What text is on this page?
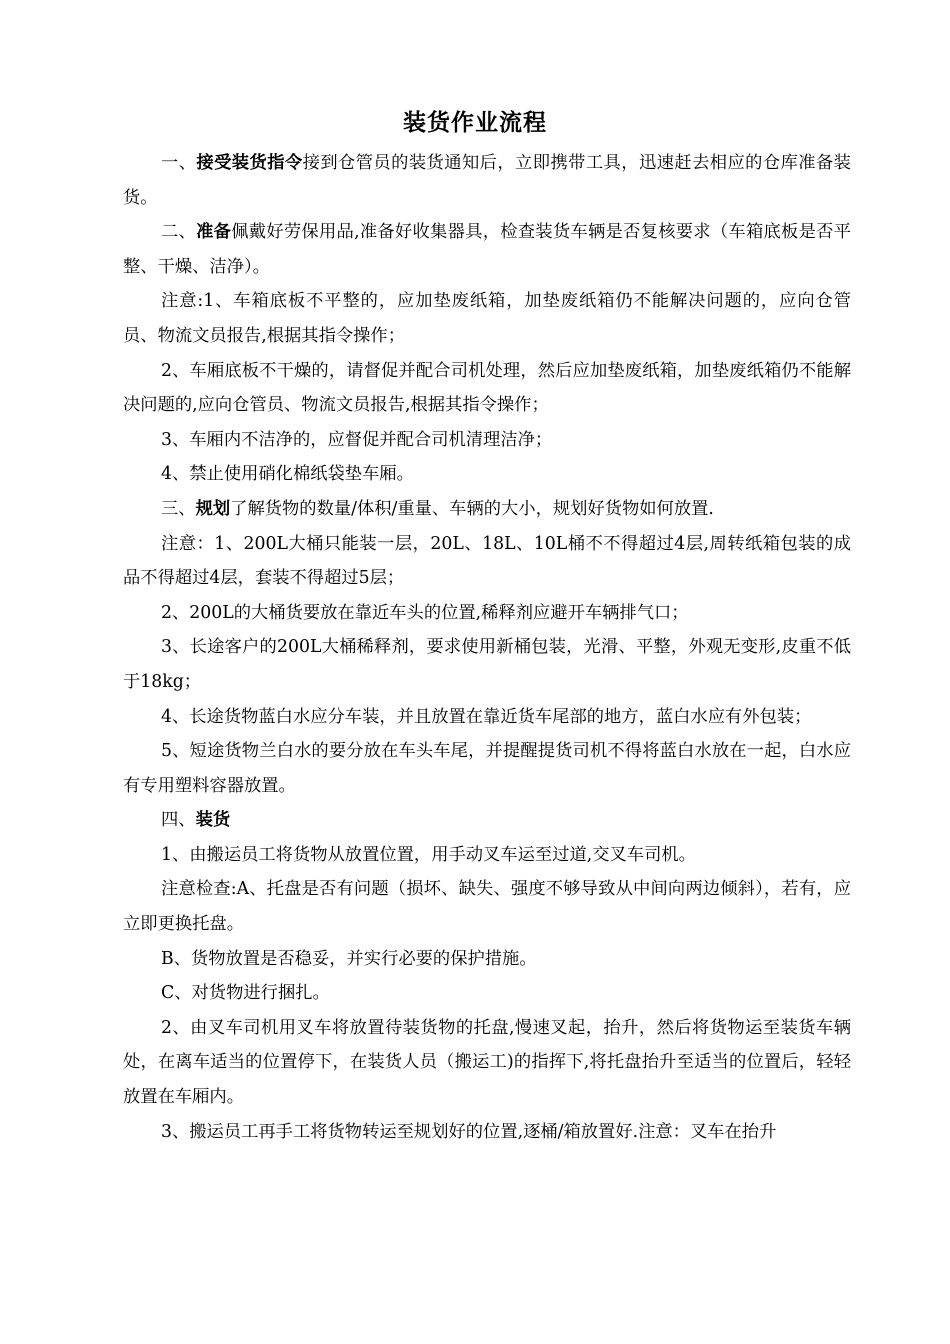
装货作业流程

一、接受装货指令接到仓管员的装货通知后，立即携带工具，迅速赶去相应的仓库准备装货。

二、准备佩戴好劳保用品,准备好收集器具，检查装货车辆是否复核要求（车箱底板是否平整、干燥、洁净）。

注意:1、车箱底板不平整的，应加垫废纸箱，加垫废纸箱仍不能解决问题的，应向仓管员、物流文员报告,根据其指令操作；

2、车厢底板不干燥的，请督促并配合司机处理，然后应加垫废纸箱，加垫废纸箱仍不能解决问题的,应向仓管员、物流文员报告,根据其指令操作；

3、车厢内不洁净的，应督促并配合司机清理洁净；

4、禁止使用硝化棉纸袋垫车厢。

三、规划了解货物的数量/体积/重量、车辆的大小，规划好货物如何放置.

注意：1、200L大桶只能装一层，20L、18L、10L桶不不得超过4层,周转纸箱包装的成品不得超过4层，套装不得超过5层；

2、200L的大桶货要放在靠近车头的位置,稀释剂应避开车辆排气口；

3、长途客户的200L大桶稀释剂，要求使用新桶包装，光滑、平整，外观无变形,皮重不低于18kg；

4、长途货物蓝白水应分车装，并且放置在靠近货车尾部的地方，蓝白水应有外包装；

5、短途货物兰白水的要分放在车头车尾，并提醒提货司机不得将蓝白水放在一起，白水应有专用塑料容器放置。

四、装货

1、由搬运员工将货物从放置位置，用手动叉车运至过道,交叉车司机。

注意检查:A、托盘是否有问题（损坏、缺失、强度不够导致从中间向两边倾斜），若有，应立即更换托盘。

B、货物放置是否稳妥，并实行必要的保护措施。

C、对货物进行捆扎。

2、由叉车司机用叉车将放置待装货物的托盘,慢速叉起，抬升，然后将货物运至装货车辆处，在离车适当的位置停下，在装货人员（搬运工)的指挥下,将托盘抬升至适当的位置后，轻轻放置在车厢内。

3、搬运员工再手工将货物转运至规划好的位置,逐桶/箱放置好.注意：叉车在抬升
